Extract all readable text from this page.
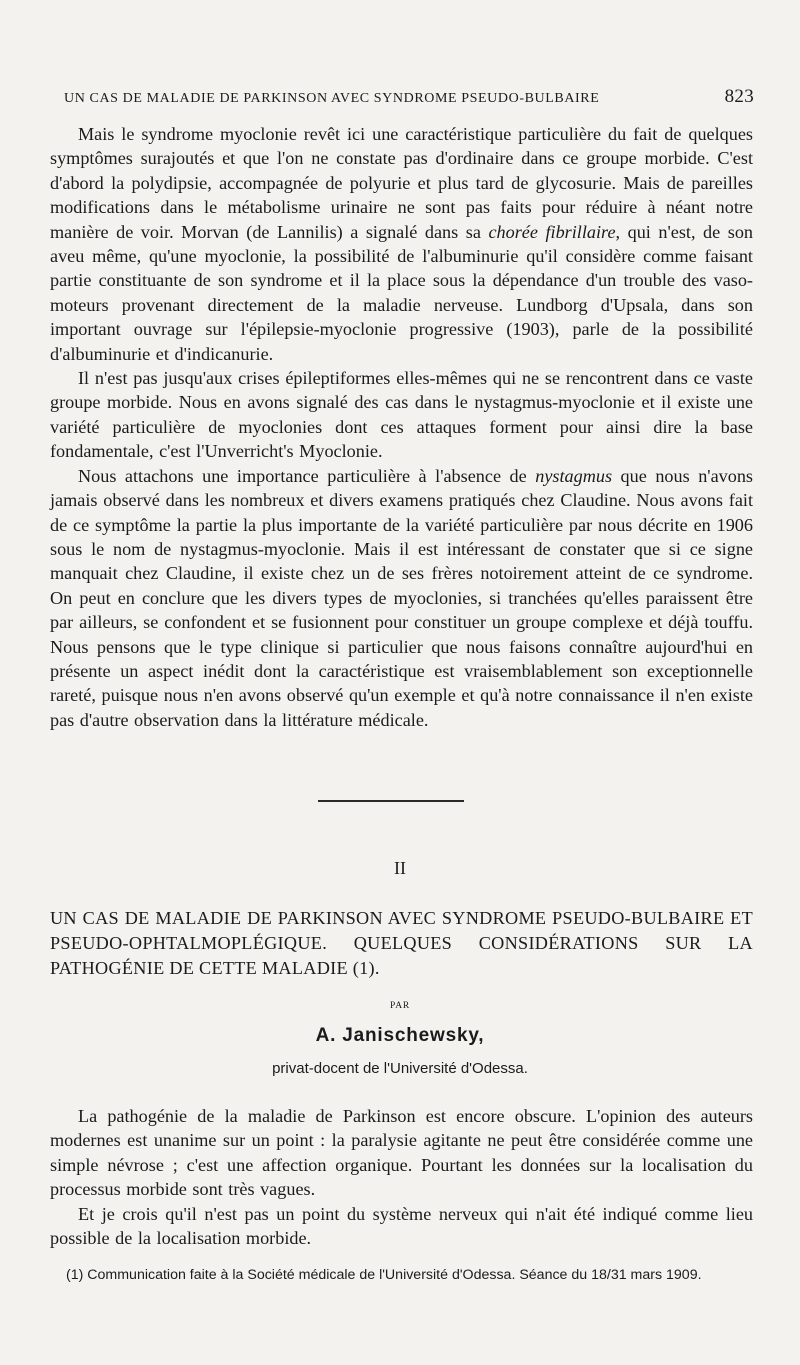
UN CAS DE MALADIE DE PARKINSON AVEC SYNDROME PSEUDO-BULBAIRE	823

Mais le syndrome myoclonie revêt ici une caractéristique particulière du fait de quelques symptômes surajoutés et que l'on ne constate pas d'ordinaire dans ce groupe morbide. C'est d'abord la polydipsie, accompagnée de polyurie et plus tard de glycosurie. Mais de pareilles modifications dans le métabolisme urinaire ne sont pas faits pour réduire à néant notre manière de voir. Morvan (de Lannilis) a signalé dans sa chorée fibrillaire, qui n'est, de son aveu même, qu'une myoclonie, la possibilité de l'albuminurie qu'il considère comme faisant partie constituante de son syndrome et il la place sous la dépendance d'un trouble des vaso-moteurs provenant directement de la maladie nerveuse. Lundborg d'Upsala, dans son important ouvrage sur l'épilepsie-myoclonie progressive (1903), parle de la possibilité d'albuminurie et d'indicanurie.

Il n'est pas jusqu'aux crises épileptiformes elles-mêmes qui ne se rencontrent dans ce vaste groupe morbide. Nous en avons signalé des cas dans le nystagmus-myoclonie et il existe une variété particulière de myoclonies dont ces attaques forment pour ainsi dire la base fondamentale, c'est l'Unverricht's Myoclonie.

Nous attachons une importance particulière à l'absence de nystagmus que nous n'avons jamais observé dans les nombreux et divers examens pratiqués chez Claudine. Nous avons fait de ce symptôme la partie la plus importante de la variété particulière par nous décrite en 1906 sous le nom de nystagmus-myoclonie. Mais il est intéressant de constater que si ce signe manquait chez Claudine, il existe chez un de ses frères notoirement atteint de ce syndrome. On peut en conclure que les divers types de myoclonies, si tranchées qu'elles paraissent être par ailleurs, se confondent et se fusionnent pour constituer un groupe complexe et déjà touffu. Nous pensons que le type clinique si particulier que nous faisons connaître aujourd'hui en présente un aspect inédit dont la caractéristique est vraisemblablement son exceptionnelle rareté, puisque nous n'en avons observé qu'un exemple et qu'à notre connaissance il n'en existe pas d'autre observation dans la littérature médicale.

II
UN CAS DE MALADIE DE PARKINSON AVEC SYNDROME PSEUDO-BULBAIRE ET PSEUDO-OPHTALMOPLÉGIQUE. QUELQUES CONSIDÉRATIONS SUR LA PATHOGÉNIE DE CETTE MALADIE (1).
PAR
A. Janischewsky,
privat-docent de l'Université d'Odessa.

La pathogénie de la maladie de Parkinson est encore obscure. L'opinion des auteurs modernes est unanime sur un point : la paralysie agitante ne peut être considérée comme une simple névrose ; c'est une affection organique. Pourtant les données sur la localisation du processus morbide sont très vagues.

Et je crois qu'il n'est pas un point du système nerveux qui n'ait été indiqué comme lieu possible de la localisation morbide.

(1) Communication faite à la Société médicale de l'Université d'Odessa. Séance du 18/31 mars 1909.
